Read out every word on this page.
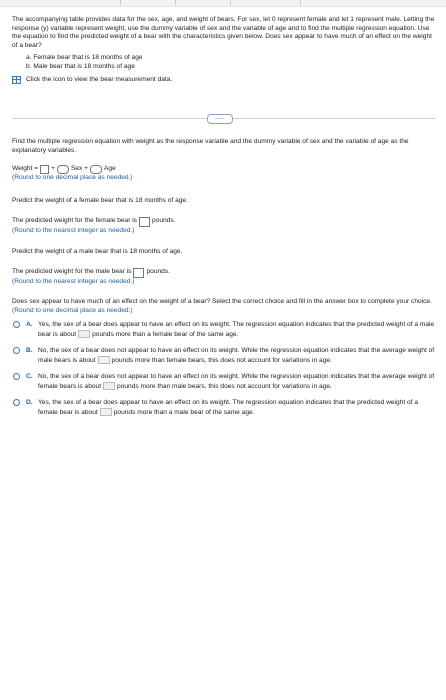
The accompanying table provides data for the sex, age, and weight of bears. For sex, let 0 represent female and let 1 represent male. Letting the response (y) variable represent weight, use the dummy variable of sex and the variable of age and to find the multiple regression equation. Use the equation to find the predicted weight of a bear with the characteristics given below. Does sex appear to have much of an effect on the weight of a bear?
a. Female bear that is 18 months of age
b. Male bear that is 18 months of age
Click the icon to view the bear measurement data.
.....
Find the multiple regression equation with weight as the response variable and the dummy variable of sex and the variable of age as the explanatory variables.
Weight = + Sex + Age
(Round to one decimal place as needed.)
Predict the weight of a female bear that is 18 months of age.
The predicted weight for the female bear is pounds.
(Round to the nearest integer as needed.)
Predict the weight of a male bear that is 18 months of age.
The predicted weight for the male bear is pounds.
(Round to the nearest integer as needed.)
Does sex appear to have much of an effect on the weight of a bear? Select the correct choice and fill in the answer box to complete your choice.
(Round to one decimal place as needed.)
A. Yes, the sex of a bear does appear to have an effect on its weight. The regression equation indicates that the predicted weight of a male bear is about pounds more than a female bear of the same age.
B. No, the sex of a bear does not appear to have an effect on its weight. While the regression equation indicates that the average weight of male bears is about pounds more than female bears, this does not account for variations in age.
C. No, the sex of a bear does not appear to have an effect on its weight. While the regression equation indicates that the average weight of female bears is about pounds more than male bears, this does not account for variations in age.
D. Yes, the sex of a bear does appear to have an effect on its weight. The regression equation indicates that the predicted weight of a female bear is about pounds more than a male bear of the same age.
